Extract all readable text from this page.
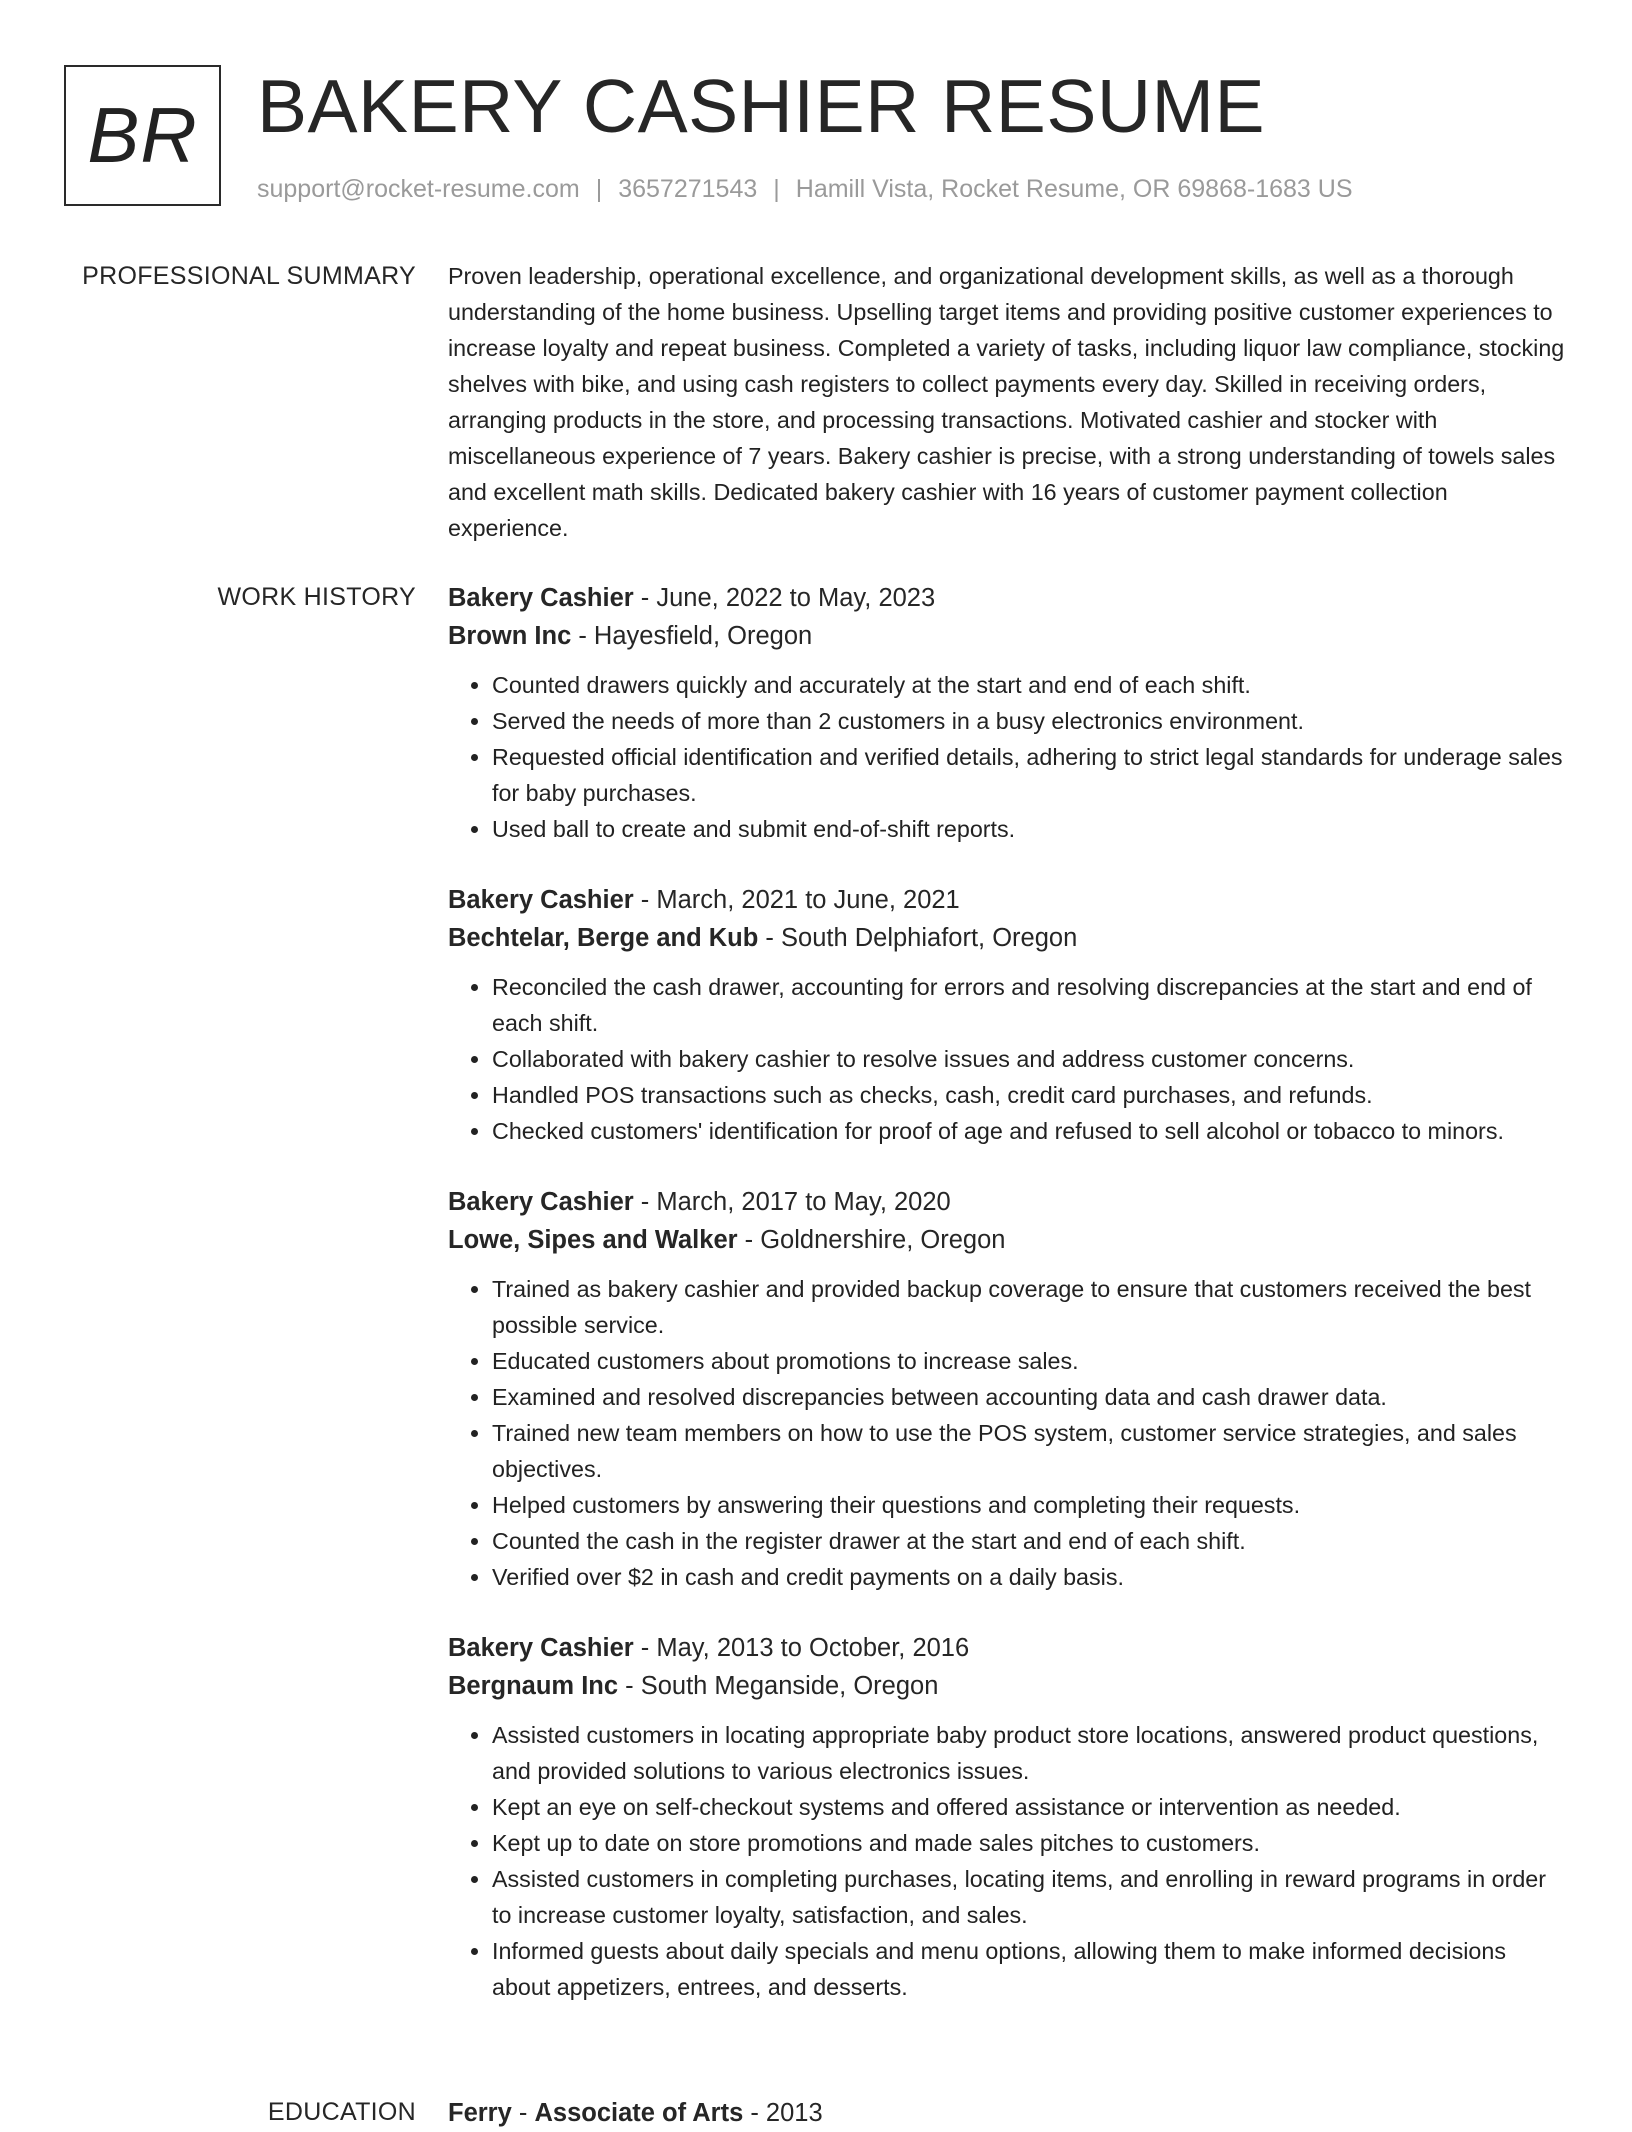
BR BAKERY CASHIER RESUME
support@rocket-resume.com | 3657271543 | Hamill Vista, Rocket Resume, OR 69868-1683 US
PROFESSIONAL SUMMARY Proven leadership, operational excellence, and organizational development skills, as well as a thorough understanding of the home business. Upselling target items and providing positive customer experiences to increase loyalty and repeat business. Completed a variety of tasks, including liquor law compliance, stocking shelves with bike, and using cash registers to collect payments every day. Skilled in receiving orders, arranging products in the store, and processing transactions. Motivated cashier and stocker with miscellaneous experience of 7 years. Bakery cashier is precise, with a strong understanding of towels sales and excellent math skills. Dedicated bakery cashier with 16 years of customer payment collection experience.

WORK HISTORY Bakery Cashier - June, 2022 to May, 2023
Brown Inc - Hayesfield, Oregon
• Counted drawers quickly and accurately at the start and end of each shift.
• Served the needs of more than 2 customers in a busy electronics environment.
• Requested official identification and verified details, adhering to strict legal standards for underage sales for baby purchases.
• Used ball to create and submit end-of-shift reports.
Bakery Cashier - March, 2021 to June, 2021
Bechtelar, Berge and Kub - South Delphiafort, Oregon
• Reconciled the cash drawer, accounting for errors and resolving discrepancies at the start and end of each shift.
• Collaborated with bakery cashier to resolve issues and address customer concerns.
• Handled POS transactions such as checks, cash, credit card purchases, and refunds.
• Checked customers' identification for proof of age and refused to sell alcohol or tobacco to minors.
Bakery Cashier - March, 2017 to May, 2020
Lowe, Sipes and Walker - Goldnershire, Oregon
• Trained as bakery cashier and provided backup coverage to ensure that customers received the best possible service.
• Educated customers about promotions to increase sales.
• Examined and resolved discrepancies between accounting data and cash drawer data.
• Trained new team members on how to use the POS system, customer service strategies, and sales objectives.
• Helped customers by answering their questions and completing their requests.
• Counted the cash in the register drawer at the start and end of each shift.
• Verified over $2 in cash and credit payments on a daily basis.
Bakery Cashier - May, 2013 to October, 2016
Bergnaum Inc - South Meganside, Oregon
• Assisted customers in locating appropriate baby product store locations, answered product questions, and provided solutions to various electronics issues.
• Kept an eye on self-checkout systems and offered assistance or intervention as needed.
• Kept up to date on store promotions and made sales pitches to customers.
• Assisted customers in completing purchases, locating items, and enrolling in reward programs in order to increase customer loyalty, satisfaction, and sales.
• Informed guests about daily specials and menu options, allowing them to make informed decisions about appetizers, entrees, and desserts.
EDUCATION Ferry - Associate of Arts - 2013
